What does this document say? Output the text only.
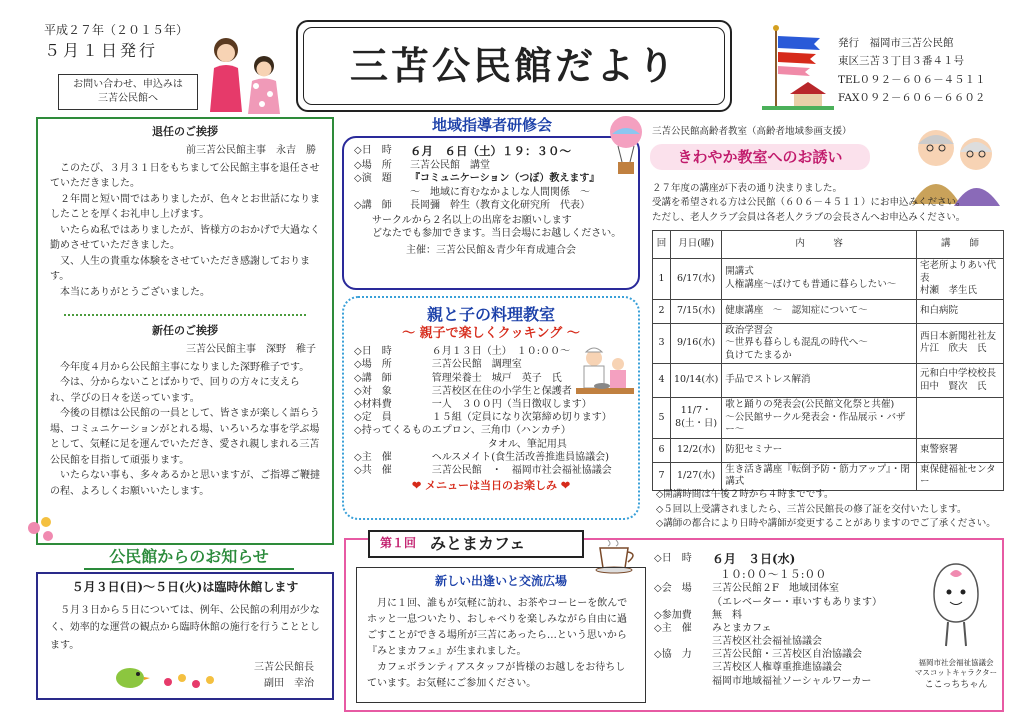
平成２７年（２０１５年）
５月１日発行
お問い合わせ、申込みは
三苫公民館へ
三苫公民館だより
発行　福岡市三苫公民館
東区三苫３丁目３番４１号
TEL０９２－６０６－４５１１
FAX０９２－６０６－６６０２
退任のご挨拶
前三苫公民館主事　永吉　勝

このたび、３月３１日をもちまして公民館主事を退任させていただきました。

２年間と短い間ではありましたが、色々とお世話になりましたことを厚くお礼申し上げます。

いたらぬ私ではありましたが、皆様方のおかげで大過なく勤めさせていただきました。

又、人生の貴重な体験をさせていただき感謝しております。

本当にありがとうございました。

新任のご挨拶
三苫公民館主事　深野　稚子

今年度４月から公民館主事になりました深野稚子です。

今は、分からないことばかりで、回りの方々に支えられ、学びの日々を送っています。

今後の目標は公民館の一員として、皆さまが楽しく語らう場、コミュニケーションがとれる場、いろいろな事を学ぶ場として、気軽に足を運んでいただき、愛され親しまれる三苫公民館を目指して頑張ります。

いたらない事も、多々あるかと思いますが、ご指導ご鞭撻の程、よろしくお願いいたします。

公民館からのお知らせ
５月３日(日)～５日(火)は臨時休館します

５月３日から５日については、例年、公民館の利用が少なく、効率的な運営の観点から臨時休館の施行を行うこととします。

三苫公民館長
副田　幸治
地域指導者研修会
◇日　時	６月　６日（土）１９：３０～
◇場　所	三苫公民館　講堂
◇演　題	『コミュニケーション（つぼ）教えます』
	～　地域に育むなかよしな人間関係　～
◇講　師	長岡彌　幹生（教育文化研究所　代表）
サークルから２名以上の出席をお願いします
どなたでも参加できます。当日会場にお越しください。
主催：三苫公民館＆青少年育成連合会
親と子の料理教室
～ 親子で楽しくクッキング ～
◇日　時	６月１３日（土）　１０:００～
◇場　所	三苫公民館　調理室
◇講　師	管理栄養士　城戸　英子　氏
◇対　象	三苫校区在住の小学生と保護者
◇材料費	一人　３００円（当日徴収します）
◇定　員	１５組（定員になり次第締め切ります）
◇持ってくるもの	エプロン、三角巾（ハンカチ）
	タオル、筆記用具
◇主　催	ヘルスメイト(食生活改善推進員協議会)
◇共　催	三苫公民館　・　福岡市社会福祉協議会
❤ メニューは当日のお楽しみ ❤
三苫公民館高齢者教室（高齢者地域参画支援）
きわやか教室へのお誘い
２７年度の講座が下表の通り決まりました。
受講を希望される方は公民館（６０６－４５１１）にお申込みください。
ただし、老人クラブ会員は各老人クラブの会長さんへお申込みください。
回	月日(曜)	内　　　容	講　　師
1	6/17(水)	開講式
人権講座～ぼけても普通に暮らしたい～	宅老所よりあい代表
村瀬　孝生氏
2	7/15(水)	健康講座　～　認知症について～	和白病院
3	9/16(水)	政治学習会
～世界も暮らしも混乱の時代へ～
負けてたまるか	西日本新聞社社友
片江　欣夫　氏
4	10/14(水)	手品でストレス解消	元和白中学校校長
田中　賢次　氏
5	11/7・8(土・日)	歌と踊りの発表会(公民館文化祭と共催)
～公民館サークル発表会・作品展示・バザー～	
6	12/2(水)	防犯セミナー	東警察署
7	1/27(水)	生き活き講座『転倒予防・筋力アップ』・閉講式	東保健福祉センター
◇開講時間は午後２時から４時までです。
◇５回以上受講されましたら、三苫公民館長の修了証を交付いたします。
◇講師の都合により日時や講師が変更することがありますのでご了承ください。
第１回 みとまカフェ
新しい出逢いと交流広場

月に１回、誰もが気軽に訪れ、お茶やコーヒーを飲んでホッと一息ついたり、おしゃべりを楽しみながら自由に過ごすことができる場所が三苫にあったら…という思いから『みとまカフェ』が生まれました。

カフェボランティアスタッフが皆様のお越しをお待ちしています。お気軽にご参加ください。

◇日　時	６月　３日(水)
	１０:００～１５:００
◇会　場	三苫公民館２F　地域団体室
	（エレベーター・車いすもあります）
◇参加費	無　料
◇主　催	みとまカフェ
	三苫校区社会福祉協議会
◇協　力	三苫公民館・三苫校区自治協議会
	三苫校区人権尊重推進協議会
	福岡市地域福祉ソーシャルワーカー
福岡市社会福祉協議会
マスコットキャラクター
ここっちちゃん
